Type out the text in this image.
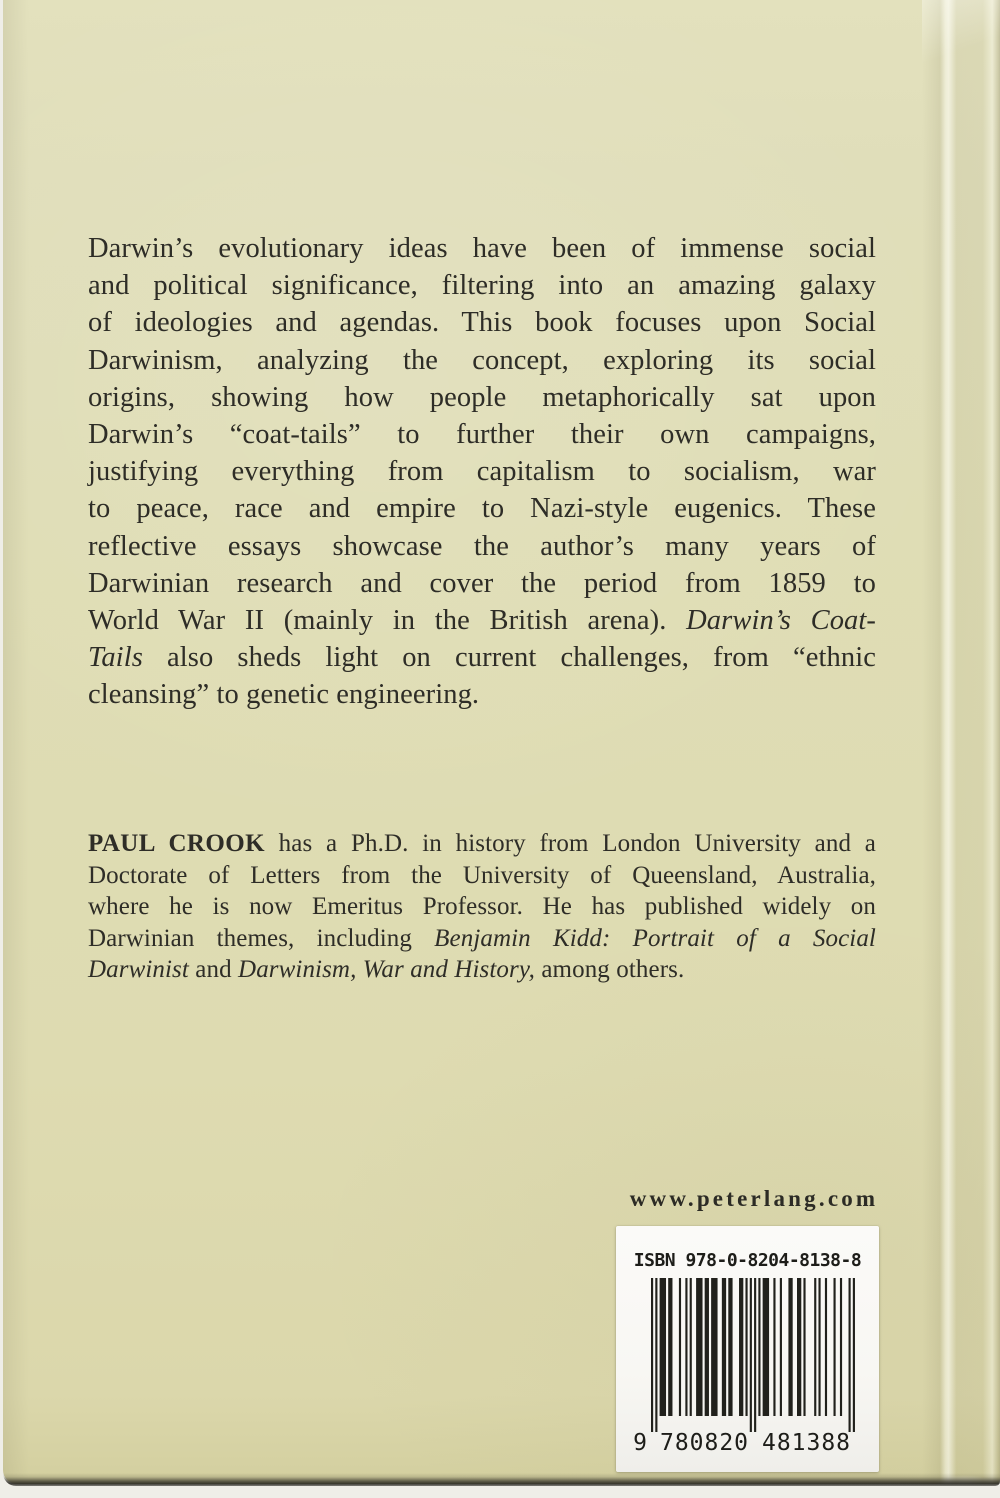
Darwin’s evolutionary ideas have been of immense social
and political significance, filtering into an amazing galaxy
of ideologies and agendas. This book focuses upon Social
Darwinism, analyzing the concept, exploring its social
origins, showing how people metaphorically sat upon
Darwin’s “coat-tails” to further their own campaigns,
justifying everything from capitalism to socialism, war
to peace, race and empire to Nazi-style eugenics. These
reflective essays showcase the author’s many years of
Darwinian research and cover the period from 1859 to
World War II (mainly in the British arena). Darwin’s Coat-
Tails also sheds light on current challenges, from “ethnic
cleansing” to genetic engineering.
PAUL CROOK has a Ph.D. in history from London University and a
Doctorate of Letters from the University of Queensland, Australia,
where he is now Emeritus Professor. He has published widely on
Darwinian themes, including Benjamin Kidd: Portrait of a Social
Darwinist and Darwinism, War and History, among others.
www.peterlang.com
ISBN 978-0-8204-8138-8
9 780820 481388
